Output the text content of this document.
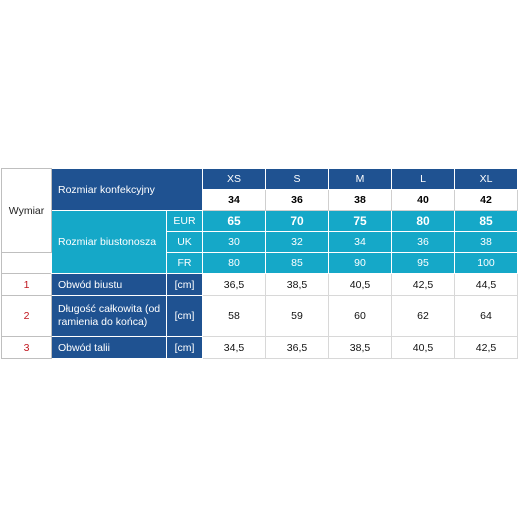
Wymiar	Rozmiar konfekcyjny		XS	S	M	L	XL
			34	36	38	40	42
	Rozmiar biustonosza	EUR	65	70	75	80	85
		UK	30	32	34	36	38
		FR	80	85	90	95	100
1	Obwód biustu	[cm]	36,5	38,5	40,5	42,5	44,5
2	Długość całkowita (od ramienia do końca)	[cm]	58	59	60	62	64
3	Obwód talii	[cm]	34,5	36,5	38,5	40,5	42,5
